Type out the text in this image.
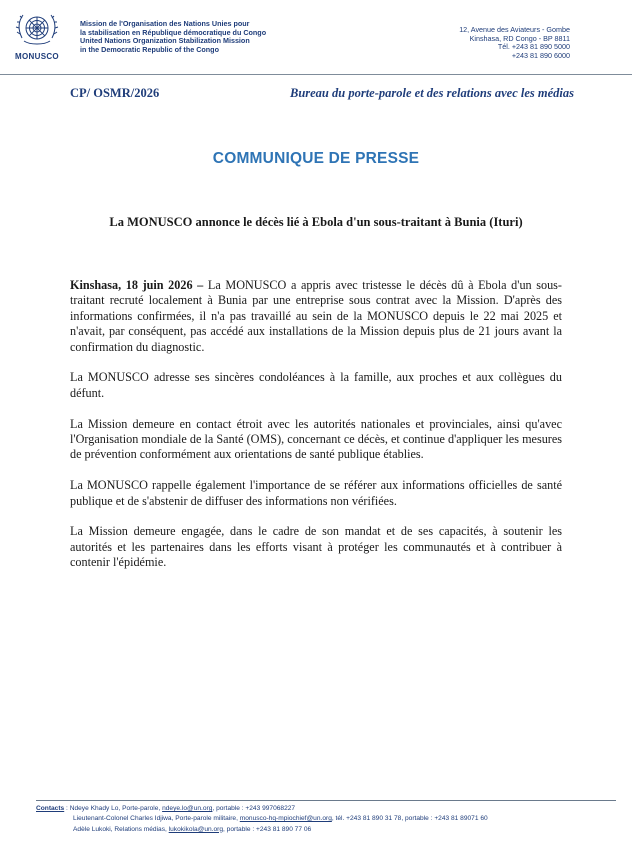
MONUSCO
Mission de l'Organisation des Nations Unies pour
la stabilisation en République démocratique du Congo
United Nations Organization Stabilization Mission
in the Democratic Republic of the Congo
12, Avenue des Aviateurs - Gombe
Kinshasa, RD Congo - BP 8811
Tél. +243 81 890 5000
+243 81 890 6000
CP/ OSMR/2026	Bureau du porte-parole et des relations avec les médias
COMMUNIQUE DE PRESSE
La MONUSCO annonce le décès lié à Ebola d'un sous-traitant à Bunia (Ituri)

Kinshasa, 18 juin 2026 – La MONUSCO a appris avec tristesse le décès dû à Ebola d'un sous-traitant recruté localement à Bunia par une entreprise sous contrat avec la Mission. D'après des informations confirmées, il n'a pas travaillé au sein de la MONUSCO depuis le 22 mai 2025 et n'avait, par conséquent, pas accédé aux installations de la Mission depuis plus de 21 jours avant la confirmation du diagnostic.

La MONUSCO adresse ses sincères condoléances à la famille, aux proches et aux collègues du défunt.

La Mission demeure en contact étroit avec les autorités nationales et provinciales, ainsi qu'avec l'Organisation mondiale de la Santé (OMS), concernant ce décès, et continue d'appliquer les mesures de prévention conformément aux orientations de santé publique établies.

La MONUSCO rappelle également l'importance de se référer aux informations officielles de santé publique et de s'abstenir de diffuser des informations non vérifiées.

La Mission demeure engagée, dans le cadre de son mandat et de ses capacités, à soutenir les autorités et les partenaires dans les efforts visant à protéger les communautés et à contribuer à contenir l'épidémie.

Contacts : Ndeye Khady Lo, Porte-parole, ndeye.lo@un.org, portable : +243 997068227
Lieutenant-Colonel Charles Idjiwa, Porte-parole militaire, monusco-hq-mpiochief@un.org, tél. +243 81 890 31 78, portable : +243 81 89071 60
Adèle Lukoki, Relations médias, lukokikola@un.org, portable : +243 81 890 77 06
